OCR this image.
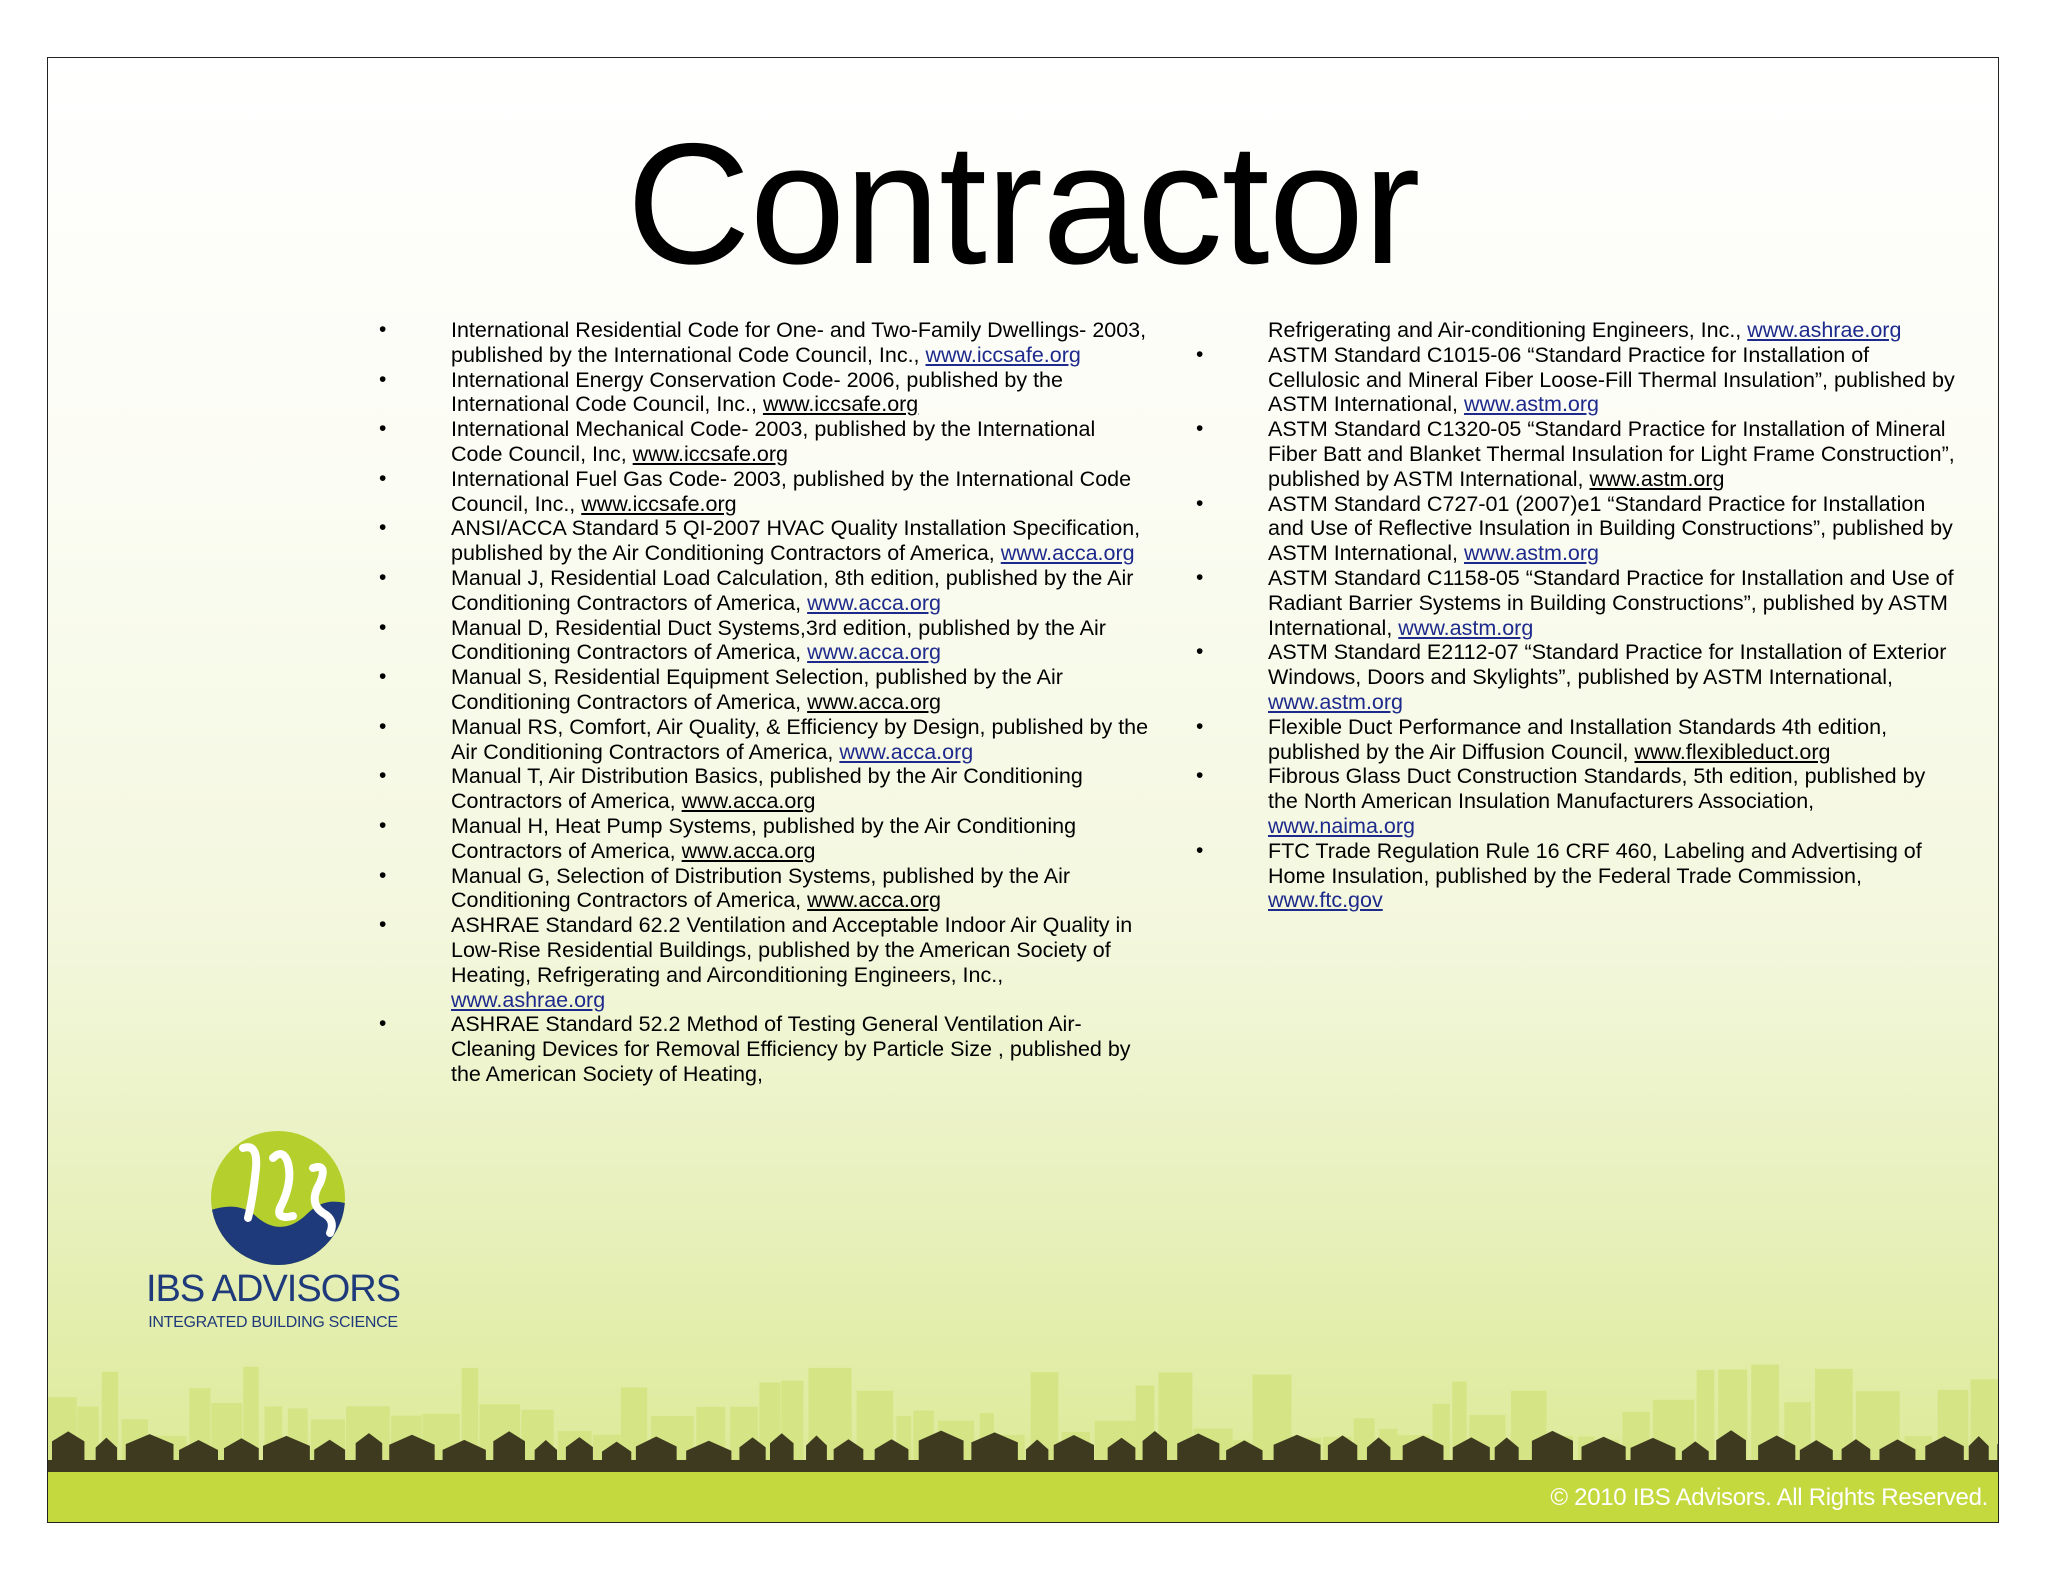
Contractor
•	International Residential Code for One- and Two-Family Dwellings- 2003, published by the International Code Council, Inc., www.iccsafe.org
•	International Energy Conservation Code- 2006, published by the International Code Council, Inc., www.iccsafe.org
•	International Mechanical Code- 2003, published by the International Code Council, Inc, www.iccsafe.org
•	International Fuel Gas Code- 2003, published by the International Code Council, Inc., www.iccsafe.org
•	ANSI/ACCA Standard 5 QI-2007 HVAC Quality Installation Specification, published by the Air Conditioning Contractors of America, www.acca.org
•	Manual J, Residential Load Calculation, 8th edition, published by the Air Conditioning Contractors of America, www.acca.org
•	Manual D, Residential Duct Systems,3rd edition, published by the Air Conditioning Contractors of America, www.acca.org
•	Manual S, Residential Equipment Selection, published by the Air Conditioning Contractors of America, www.acca.org
•	Manual RS, Comfort, Air Quality, & Efficiency by Design, published by the Air Conditioning Contractors of America, www.acca.org
•	Manual T, Air Distribution Basics, published by the Air Conditioning Contractors of America, www.acca.org
•	Manual H, Heat Pump Systems, published by the Air Conditioning Contractors of America, www.acca.org
•	Manual G, Selection of Distribution Systems, published by the Air Conditioning Contractors of America, www.acca.org
•	ASHRAE Standard 62.2 Ventilation and Acceptable Indoor Air Quality in Low-Rise Residential Buildings, published by the American Society of Heating, Refrigerating and Airconditioning Engineers, Inc., www.ashrae.org
•	ASHRAE Standard 52.2 Method of Testing General Ventilation Air-Cleaning Devices for Removal Efficiency by Particle Size , published by the American Society of Heating,
Refrigerating and Air-conditioning Engineers, Inc., www.ashrae.org
•	ASTM Standard C1015-06 “Standard Practice for Installation of Cellulosic and Mineral Fiber Loose-Fill Thermal Insulation”, published by ASTM International, www.astm.org
•	ASTM Standard C1320-05 “Standard Practice for Installation of Mineral Fiber Batt and Blanket Thermal Insulation for Light Frame Construction”, published by ASTM International, www.astm.org
•	ASTM Standard C727-01 (2007)e1 “Standard Practice for Installation and Use of Reflective Insulation in Building Constructions”, published by ASTM International, www.astm.org
•	ASTM Standard C1158-05 “Standard Practice for Installation and Use of Radiant Barrier Systems in Building Constructions”, published by ASTM International, www.astm.org
•	ASTM Standard E2112-07 “Standard Practice for Installation of Exterior Windows, Doors and Skylights”, published by ASTM International, www.astm.org
•	Flexible Duct Performance and Installation Standards 4th edition, published by the Air Diffusion Council, www.flexibleduct.org
•	Fibrous Glass Duct Construction Standards, 5th edition, published by the North American Insulation Manufacturers Association, www.naima.org
•	FTC Trade Regulation Rule 16 CRF 460, Labeling and Advertising of Home Insulation, published by the Federal Trade Commission, www.ftc.gov
© 2010 IBS Advisors. All Rights Reserved.
IBS ADVISORS
INTEGRATED BUILDING SCIENCE
